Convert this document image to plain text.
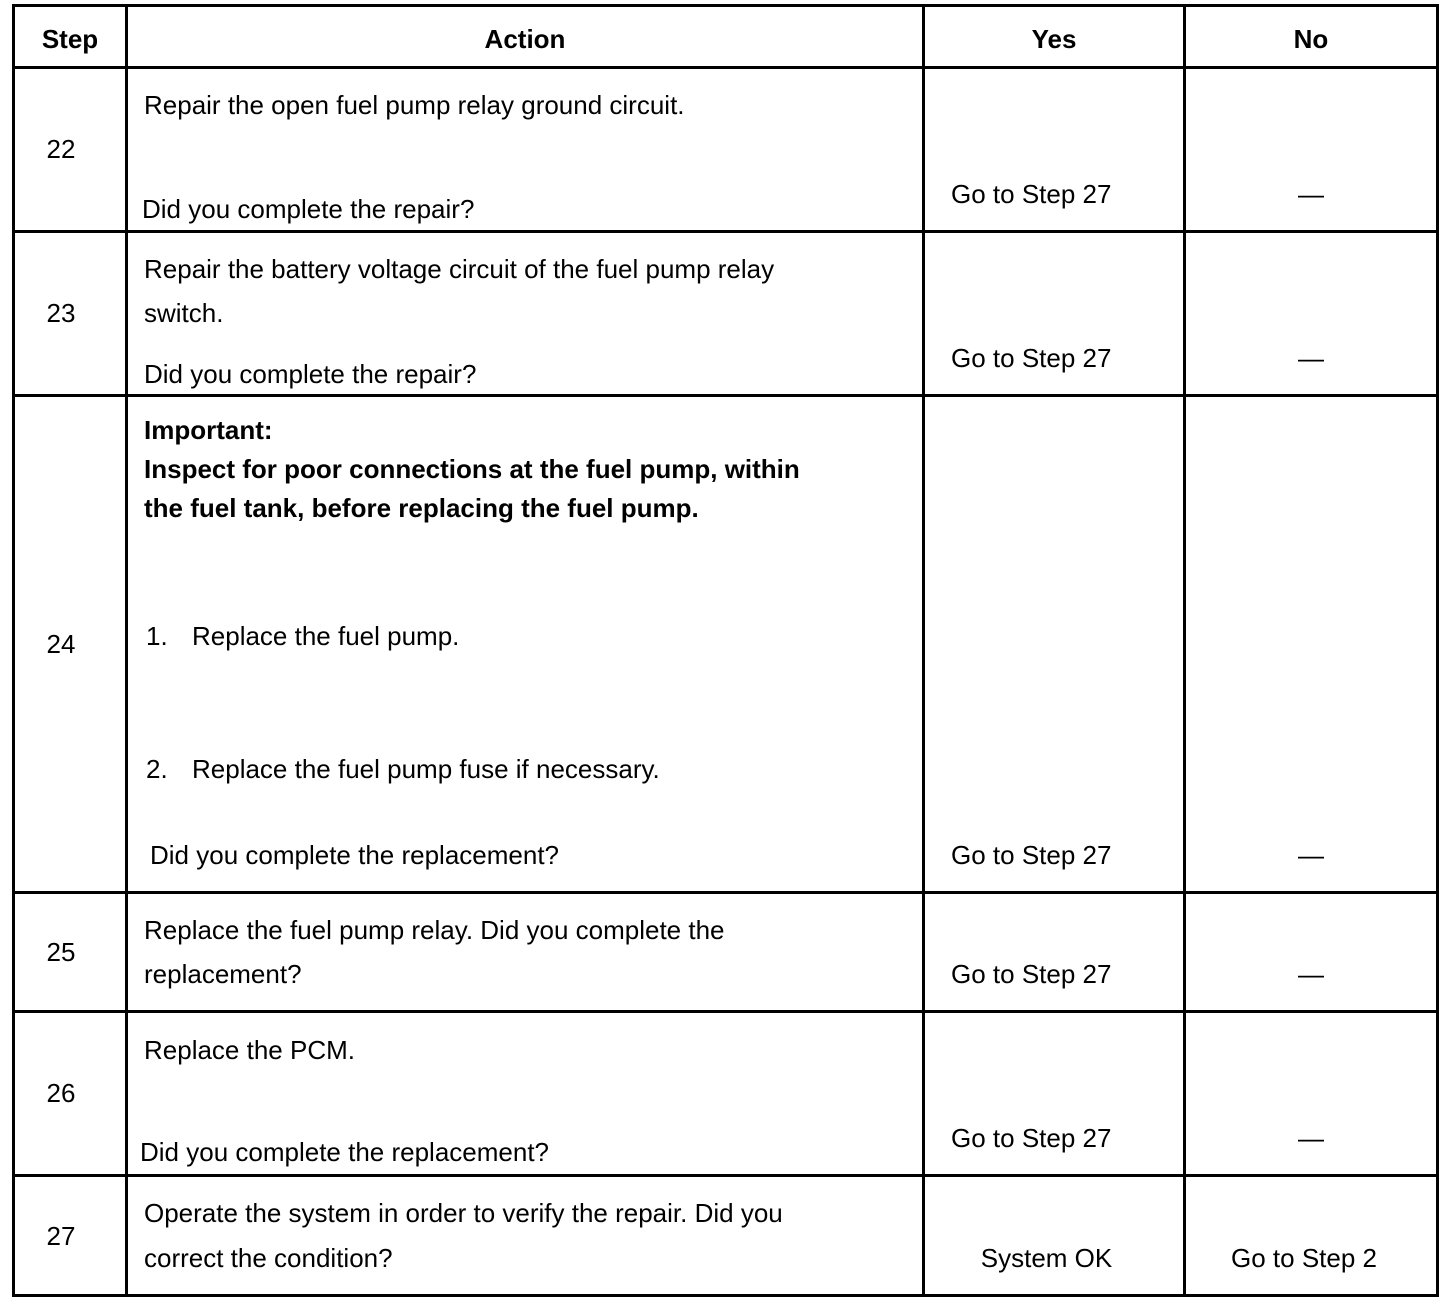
Step	Action	Yes	No
22
Repair the open fuel pump relay ground circuit.
Did you complete the repair?	Go to Step 27	—
23
Repair the battery voltage circuit of the fuel pump relay
switch.
Did you complete the repair?
Go to Step 27	—
24
Important:
Inspect for poor connections at the fuel pump, within
the fuel tank, before replacing the fuel pump.
1. Replace the fuel pump.
2. Replace the fuel pump fuse if necessary.
Did you complete the replacement?	Go to Step 27	—
25
Replace the fuel pump relay. Did you complete the
replacement?	Go to Step 27	—
26
Replace the PCM.
Did you complete the replacement?	Go to Step 27	—
27
Operate the system in order to verify the repair. Did you
correct the condition?	System OK	Go to Step 2
